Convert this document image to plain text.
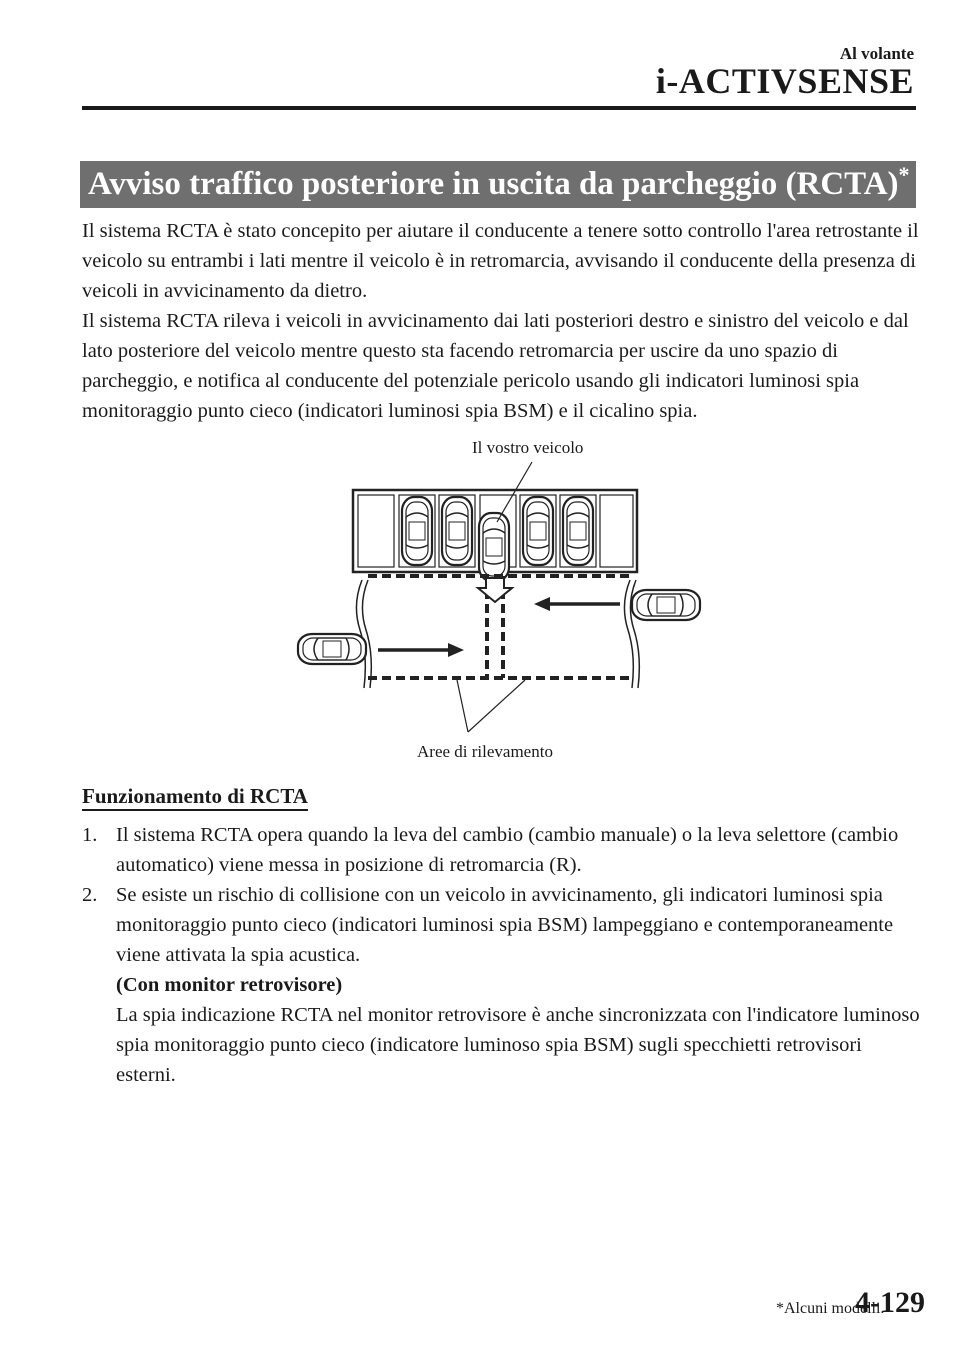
Al volante
i-ACTIVSENSE
Avviso traffico posteriore in uscita da parcheggio (RCTA)*

Il sistema RCTA è stato concepito per aiutare il conducente a tenere sotto controllo l'area retrostante il veicolo su entrambi i lati mentre il veicolo è in retromarcia, avvisando il conducente della presenza di veicoli in avvicinamento da dietro.

Il sistema RCTA rileva i veicoli in avvicinamento dai lati posteriori destro e sinistro del veicolo e dal lato posteriore del veicolo mentre questo sta facendo retromarcia per uscire da uno spazio di parcheggio, e notifica al conducente del potenziale pericolo usando gli indicatori luminosi spia monitoraggio punto cieco (indicatori luminosi spia BSM) e il cicalino spia.

Il vostro veicolo
Aree di rilevamento
Funzionamento di RCTA
1. Il sistema RCTA opera quando la leva del cambio (cambio manuale) o la leva selettore (cambio automatico) viene messa in posizione di retromarcia (R).

2. Se esiste un rischio di collisione con un veicolo in avvicinamento, gli indicatori luminosi spia monitoraggio punto cieco (indicatori luminosi spia BSM) lampeggiano e contemporaneamente viene attivata la spia acustica.

(Con monitor retrovisore)

La spia indicazione RCTA nel monitor retrovisore è anche sincronizzata con l'indicatore luminoso spia monitoraggio punto cieco (indicatore luminoso spia BSM) sugli specchietti retrovisori esterni.

*Alcuni modelli.
4-129
